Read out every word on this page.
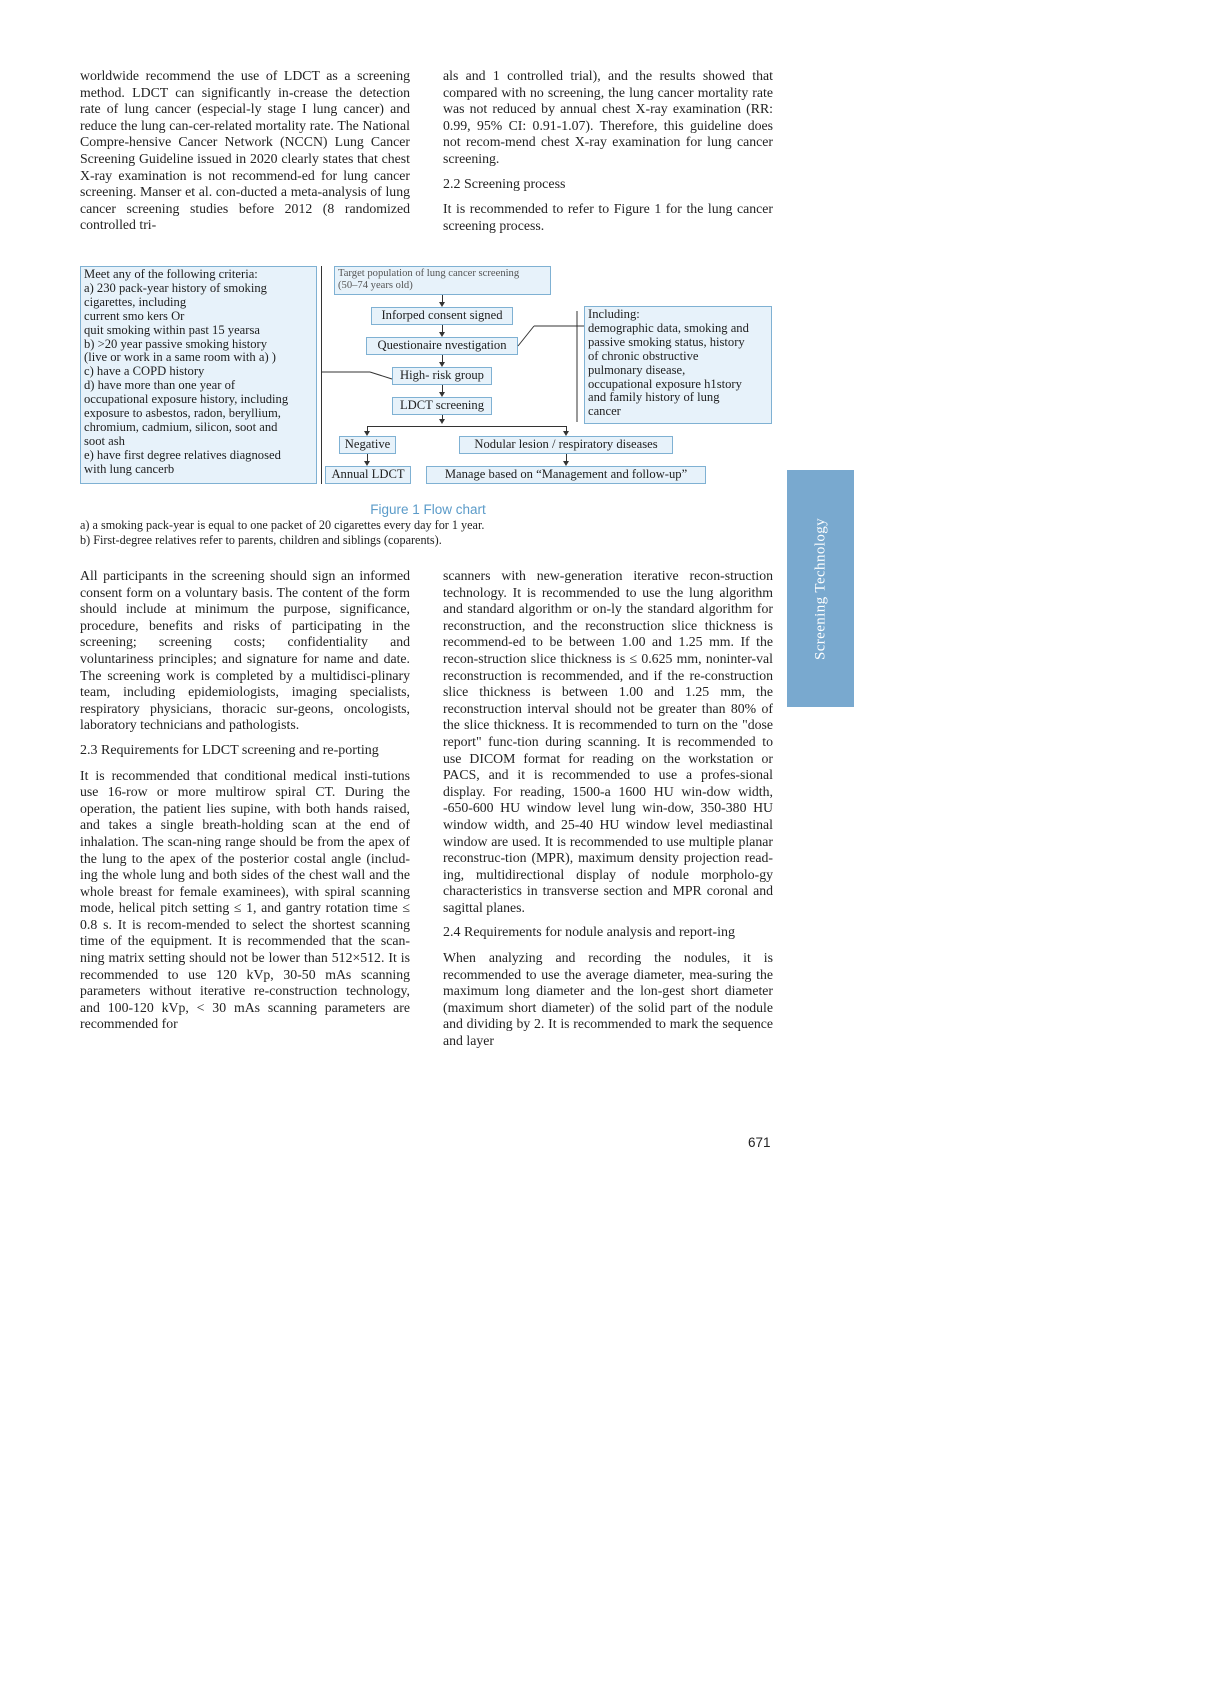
worldwide recommend the use of LDCT as a screening method. LDCT can significantly in-crease the detection rate of lung cancer (especial-ly stage I lung cancer) and reduce the lung can-cer-related mortality rate. The National Compre-hensive Cancer Network (NCCN) Lung Cancer Screening Guideline issued in 2020 clearly states that chest X-ray examination is not recommend-ed for lung cancer screening. Manser et al. con-ducted a meta-analysis of lung cancer screening studies before 2012 (8 randomized controlled tri-

als and 1 controlled trial), and the results showed that compared with no screening, the lung cancer mortality rate was not reduced by annual chest X-ray examination (RR: 0.99, 95% CI: 0.91-1.07). Therefore, this guideline does not recom-mend chest X-ray examination for lung cancer screening.

2.2 Screening process

It is recommended to refer to Figure 1 for the lung cancer screening process.

Meet any of the following criteria:
a) 230 pack-year history of smoking
cigarettes, including
current smo kers Or
quit smoking within past 15 yearsa
b) >20 year passive smoking history
(live or work in a same room with a) )
c) have a COPD history
d) have more than one year of
occupational exposure history, including
exposure to asbestos, radon, beryllium,
chromium, cadmium, silicon, soot and
soot ash
e) have first degree relatives diagnosed
with lung cancerb
Target population of lung cancer screening
(50–74 years old)
Inforped consent signed
Questionaire nvestigation
High- risk group
LDCT screening
Negative	Nodular lesion / respiratory diseases
Annual LDCT	Manage based on “Management and follow-up”
Including:
demographic data, smoking and
passive smoking status, history
of chronic obstructive
pulmonary disease,
occupational exposure h1story
and family history of lung
cancer
Figure 1 Flow chart
a) a smoking pack-year is equal to one packet of 20 cigarettes every day for 1 year.
b) First-degree relatives refer to parents, children and siblings (coparents).	Screening Technology

All participants in the screening should sign an informed consent form on a voluntary basis. The content of the form should include at minimum the purpose, significance, procedure, benefits and risks of participating in the screening; screening costs; confidentiality and voluntariness principles; and signature for name and date. The screening work is completed by a multidisci-plinary team, including epidemiologists, imaging specialists, respiratory physicians, thoracic sur-geons, oncologists, laboratory technicians and pathologists.

2.3 Requirements for LDCT screening and re-porting

It is recommended that conditional medical insti-tutions use 16-row or more multirow spiral CT. During the operation, the patient lies supine, with both hands raised, and takes a single breath-holding scan at the end of inhalation. The scan-ning range should be from the apex of the lung to the apex of the posterior costal angle (includ-ing the whole lung and both sides of the chest wall and the whole breast for female examinees), with spiral scanning mode, helical pitch setting ≤ 1, and gantry rotation time ≤ 0.8 s. It is recom-mended to select the shortest scanning time of the equipment. It is recommended that the scan-ning matrix setting should not be lower than 512×512. It is recommended to use 120 kVp, 30-50 mAs scanning parameters without iterative re-construction technology, and 100-120 kVp, < 30 mAs scanning parameters are recommended for

scanners with new-generation iterative recon-struction technology. It is recommended to use the lung algorithm and standard algorithm or on-ly the standard algorithm for reconstruction, and the reconstruction slice thickness is recommend-ed to be between 1.00 and 1.25 mm. If the recon-struction slice thickness is ≤ 0.625 mm, noninter-val reconstruction is recommended, and if the re-construction slice thickness is between 1.00 and 1.25 mm, the reconstruction interval should not be greater than 80% of the slice thickness. It is recommended to turn on the "dose report" func-tion during scanning. It is recommended to use DICOM format for reading on the workstation or PACS, and it is recommended to use a profes-sional display. For reading, 1500-a 1600 HU win-dow width, -650-600 HU window level lung win-dow, 350-380 HU window width, and 25-40 HU window level mediastinal window are used. It is recommended to use multiple planar reconstruc-tion (MPR), maximum density projection read-ing, multidirectional display of nodule morpholo-gy characteristics in transverse section and MPR coronal and sagittal planes.

2.4 Requirements for nodule analysis and report-ing

When analyzing and recording the nodules, it is recommended to use the average diameter, mea-suring the maximum long diameter and the lon-gest short diameter (maximum short diameter) of the solid part of the nodule and dividing by 2. It is recommended to mark the sequence and layer

671
